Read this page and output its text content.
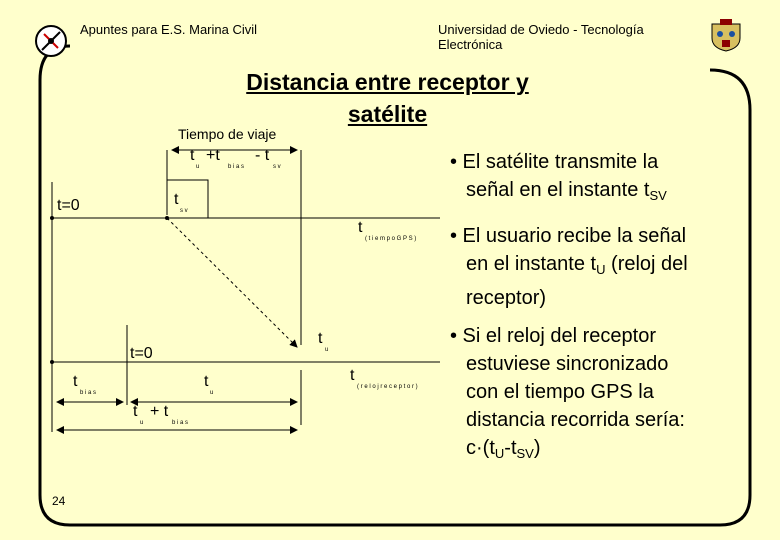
Apuntes para E.S. Marina Civil	Universidad de Oviedo - Tecnología Electrónica
Distancia entre receptor y
satélite
Tiempo de viaje
t=0
t=0
t
u
+t
b i a s
- t
s v
t
s v
t
( t i e m p o G P S )
t
u
t
( r e l o j r e c e p t o r )
t
b i a s
t
u
t
u
+ t
b i a s
• El satélite transmite la
señal en el instante $t_{SV}$
• El usuario recibe la señal
en el instante $t_U$ (reloj del
receptor)
• Si el reloj del receptor
estuviese sincronizado
con el tiempo GPS la
distancia recorrida sería:
$c\cdot(t_U-t_{SV})$
24
